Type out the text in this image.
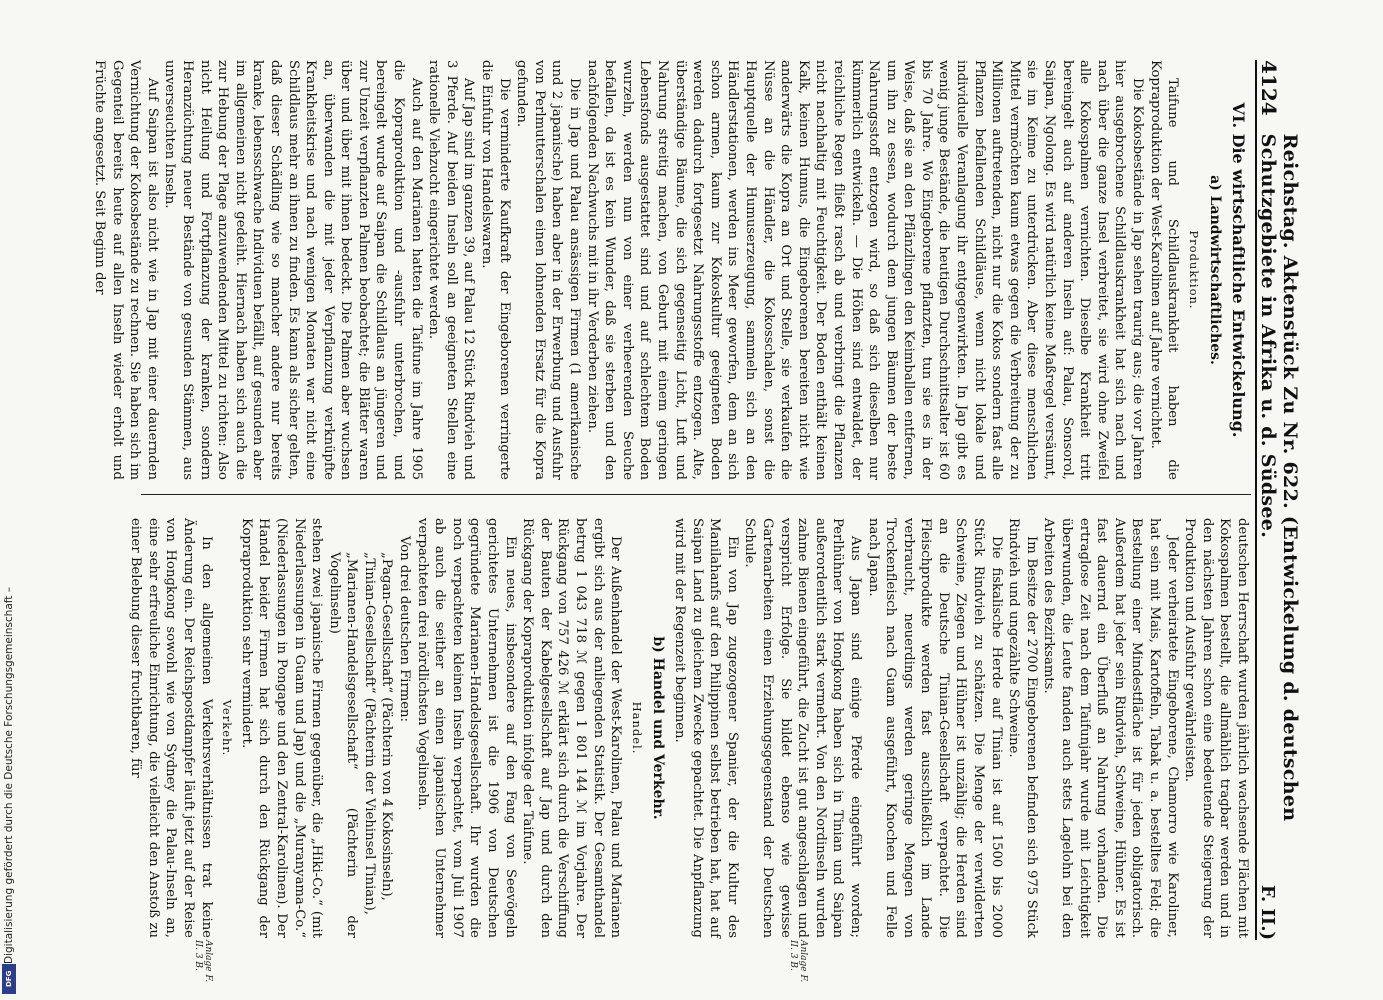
4124
Reichstag. Aktenstück Zu Nr. 622. (Entwickelung d. deutschen Schutzgebiete in Afrika u. d. Südsee.
F. II.)
VI. Die wirtschaftliche Entwickelung.
a) Landwirtschaftliches.
Produktion.

Taifune und Schildlauskrankheit haben die Kopraproduktion der West-Karolinen auf Jahre vernichtet.

Die Kokosbestände in Jap sehen traurig aus; die vor Jahren hier ausgebrochene Schildlauskrankheit hat sich nach und nach über die ganze Insel verbreitet, sie wird ohne Zweifel alle Kokospalmen vernichten. Dieselbe Krankheit tritt bereingelt auch auf anderen Inseln auf: Palau, Sonsorol, Saipan, Ngolong. Es wird natürlich keine Maßregel versäumt, sie im Keime zu unterdrücken. Aber diese menschlichen Mittel vermöchten kaum etwas gegen die Verbreitung der zu Millionen auftretenden, nicht nur die Kokos sondern fast alle Pflanzen befallenden Schildläuse, wenn nicht lokale und individuelle Veranlagung ihr entgegenwirkten. In Jap gibt es wenig junge Bestände, die heutigen Durchschnittsalter ist 60 bis 70 Jahre. Wo Eingeborene pflanzten, tun sie es in der Weise, daß sie an den Pflänzlingen den Keimballen entfernen, um ihn zu essen, wodurch dem jungen Bäumen der beste Nahrungsstoff entzogen wird, so daß sich dieselben nur kümmerlich entwickeln. — Die Höhen sind entwaldet, der reichliche Regen fließt rasch ab und verbringt die Pflanzen nicht nachhaltig mit Feuchtigkeit. Der Boden enthält keinen Kalk, keinen Humus, die Eingeborenen bereiten nicht wie anderwärts die Kopra an Ort und Stelle, sie verkaufen die Nüsse an die Händler, die Kokosschalen, sonst die Hauptquelle der Humuserzeugung, sammeln sich an den Händlerstationen, werden ins Meer geworfen, dem an sich schon armen, kaum zur Kokoskultur geeigneten Boden werden dadurch fortgesetzt Nahrungsstoffe entzogen. Alte, überständige Bäume, die sich gegenseitig Licht, Luft und Nahrung streitig machen, von Geburt mit einem geringen Lebensfonds ausgestattet sind und auf schlechtem Boden wurzeln, werden nun von einer verheerenden Seuche befallen, da ist es kein Wunder, daß sie sterben und den nachfolgenden Nachwuchs mit in ihr Verderben ziehen.

Die in Jap und Palau ansässigen Firmen (1 amerikanische und 2 japanische) haben aber in der Erwerbung und Ausfuhr von Perlmutterschalen einen lohnenden Ersatz für die Kopra gefunden.

Die verminderte Kaufkraft der Eingeborenen verringerte die Einfuhr von Handelswaren.

Auf Jap sind im ganzen 39, auf Palau 12 Stück Rindvieh und 3 Pferde. Auf beiden Inseln soll an geeigneten Stellen eine rationelle Viehzucht eingerichtet werden.

Auch auf den Marianen hatten die Taifune im Jahre 1905 die Kopraproduktion und -ausfuhr unterbrochen, und bereingelt wurde auf Saipan die Schildlaus an jüngeren und zur Unzeit verpflanzten Palmen beobachtet; die Blätter waren über und über mit ihnen bedeckt. Die Palmen aber wuchsen an, überwanden die mit jeder Verpflanzung verknüpfte Krankheitskrise und nach wenigen Monaten war nicht eine Schildlaus mehr an ihnen zu finden. Es kann als sicher gelten, daß dieser Schädling wie so mancher andere nur bereits kranke, lebensschwache Individuen befällt, auf gesunden aber im allgemeinen nicht gedeiht. Hiernach haben sich auch die zur Hebung der Plage anzuwendenden Mittel zu richten: Also nicht Heilung und Fortpflanzung der kranken, sondern Heranzüchtung neuer Bestände von gesunden Stämmen, aus unverseuchten Inseln.

Auf Saipan ist also nicht wie in Jap mit einer dauernden Vernichtung der Kokosbestände zu rechnen. Sie haben sich im Gegenteil bereits heute auf allen Inseln wieder erholt und Früchte angesetzt. Seit Beginn der

deutschen Herrschaft wurden jährlich wachsende Flächen mit Kokospalmen bestellt, die allmählich tragbar werden und in den nächsten Jahren schon eine bedeutende Steigerung der Produktion und Ausfuhr gewährleisten.

Jeder verheiratete Eingeborene, Chamorro wie Karoliner, hat sein mit Mais, Kartoffeln, Tabak u. a. bestelltes Feld; die Bestellung einer Mindestfläche ist für jeden obligatorisch. Außerdem hat jeder sein Rindvieh, Schweine, Hühner. Es ist fast dauernd ein Überfluß an Nahrung vorhanden. Die ertraglose Zeit nach dem Taifunjahr wurde mit Leichtigkeit überwunden, die Leute fanden auch stets Lagelohn bei den Arbeiten des Bezirksamts.

Im Besitze der 2700 Eingeborenen befinden sich 975 Stück Rindvieh und ungezählte Schweine.

Die fiskalische Herde auf Tinian ist auf 1500 bis 2000 Stück Rindvieh zu schätzen. Die Menge der verwilderten Schweine, Ziegen und Hühner ist unzählig; die Herden sind an die Deutsche Tinian-Gesellschaft verpachtet. Die Fleischprodukte werden fast ausschließlich im Lande verbraucht, neuerdings werden geringe Mengen von Trockenfleisch nach Guam ausgeführt, Knochen und Felle nach Japan.

Aus Japan sind einige Pferde eingeführt worden; Perlhühner von Hongkong haben sich in Tinian und Saipan außerordentlich stark vermehrt. Von den Nordinseln wurden zahme Bienen eingeführt, die Zucht ist gut angeschlagen und verspricht Erfolge. Sie bildet ebenso wie gewisse Gartenarbeiten einen Erziehungsgegenstand der Deutschen Schule.

Ein von Jap zugezogener Spanier, der die Kultur des Manilahanfs auf den Philippinen selbst betrieben hat, hat auf Saipan Land zu gleichem Zwecke gepachtet. Die Anpflanzung wird mit der Regenzeit beginnen.

b) Handel und Verkehr.
Handel.

Der Außenhandel der West-Karolinen, Palau und Marianen ergibt sich aus der anliegenden Statistik. Der Gesamthandel betrug 1 043 718 ℳ gegen 1 801 144 ℳ im Vorjahre. Der Rückgang von 757 426 ℳ erklärt sich durch die Verschiffung der Bauten der Kabelgesellschaft auf Jap und durch den Rückgang der Kopraproduktion infolge der Taifune.

Ein neues, insbesondere auf den Fang von Seevögeln gerichtetes Unternehmen ist die 1906 von Deutschen gegründete Marianen-Handelsgesellschaft. Ihr wurden die noch verpachteten kleinen Inseln verpachtet, vom Juli 1907 ab auch die seither an einen japanischen Unternehmer verpachteten drei nördlichsten Vogelinseln.

Von drei deutschen Firmen:

„Pagan-Gesellschaft“ (Pächterin von 4 Kokosinseln),

„Tinian-Gesellschaft“ (Pächterin der Viehinsel Tinian),

„Marianen-Handelsgesellschaft“ (Pächterin der Vogelinseln)

stehen zwei japanische Firmen gegenüber, die „Hiki-Co.“ (mit Niederlassungen in Guam und Jap) und die „Muranyama-Co.“ (Niederlassungen in Pongape und den Zentral-Karolinen). Der Handel beider Firmen hat sich durch den Rückgang der Kopraproduktion sehr vermindert.

Verkehr.

In den allgemeinen Verkehrsverhältnissen trat keine Änderung ein. Der Reichspostdampfer läuft jetzt auf der Reise von Hongkong sowohl wie von Sydney die Palau-Inseln an, eine sehr erfreuliche Einrichtung, die vielleicht den Anstoß zu einer Belebung dieser fruchtbaren, für

Anlage F. II. 3 B.
Anlage F. II. 3 B.
Digitalisierung gefördert durch die Deutsche Forschungsgemeinschaft –
DFG
